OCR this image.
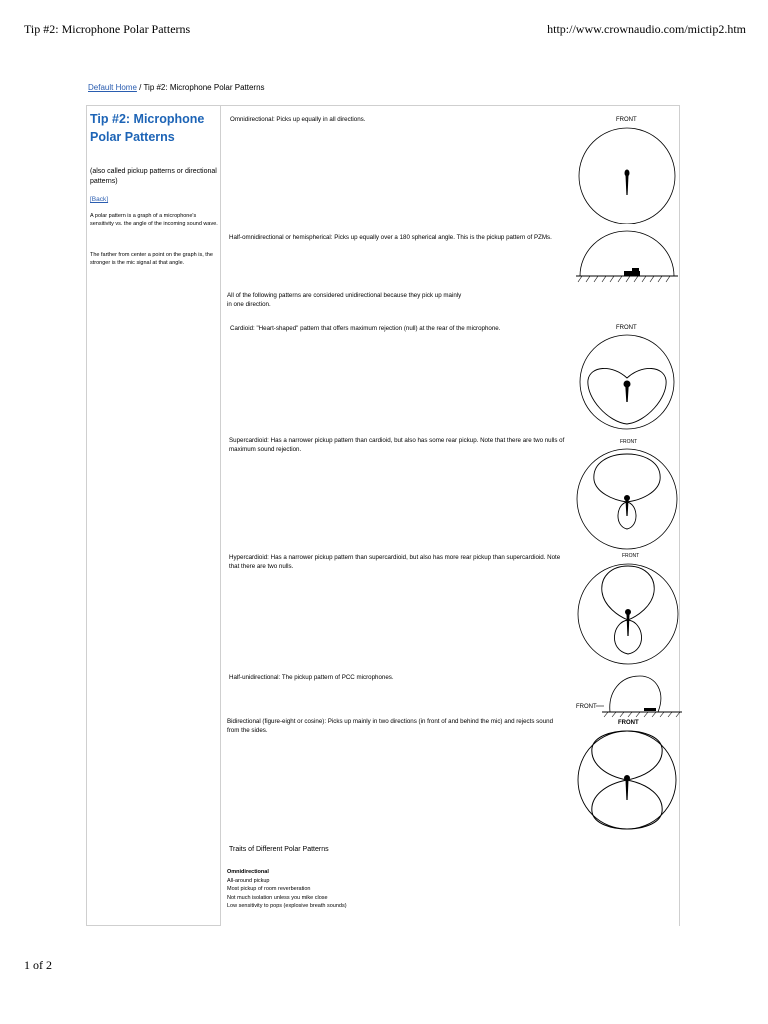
Tip #2: Microphone Polar Patterns	http://www.crownaudio.com/mictip2.htm
Default Home / Tip #2: Microphone Polar Patterns
Tip #2: Microphone Polar Patterns
(also called pickup patterns or directional patterns)
[Back]
A polar pattern is a graph of a microphone's sensitivity vs. the angle of the incoming sound wave.
The farther from center a point on the graph is, the stronger is the mic signal at that angle.
Omnidirectional: Picks up equally in all directions.
Half-omnidirectional or hemispherical: Picks up equally over a 180 spherical angle. This is the pickup pattern of PZMs.
All of the following patterns are considered unidirectional because they pick up mainly in one direction.
Cardioid: "Heart-shaped" pattern that offers maximum rejection (null) at the rear of the microphone.
Supercardioid: Has a narrower pickup pattern than cardioid, but also has some rear pickup. Note that there are two nulls of maximum sound rejection.
Hypercardioid: Has a narrower pickup pattern than supercardioid, but also has more rear pickup than supercardioid. Note that there are two nulls.
Half-unidirectional: The pickup pattern of PCC microphones.
Bidirectional (figure-eight or cosine): Picks up mainly in two directions (in front of and behind the mic) and rejects sound from the sides.
FRONT
FRONT
FRONT
FRONT
FRONT
FRONT
Traits of Different Polar Patterns
Omnidirectional
All-around pickup
Most pickup of room reverberation
Not much isolation unless you mike close
Low sensitivity to pops (explosive breath sounds)
1 of 2
